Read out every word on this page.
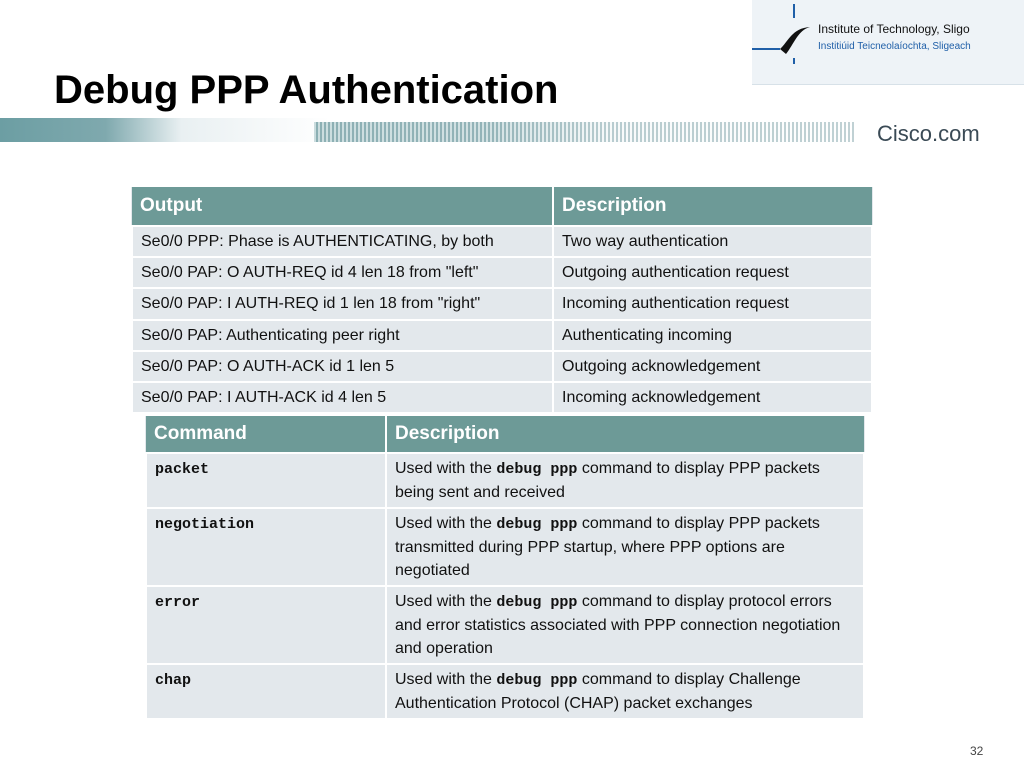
Institute of Technology, Sligo
Institiúid Teicneolaíochta, Sligeach
Debug PPP Authentication
Cisco.com
Output	Description
Se0/0 PPP: Phase is AUTHENTICATING, by both	Two way authentication
Se0/0 PAP: O AUTH-REQ id 4 len 18 from "left"	Outgoing authentication request
Se0/0 PAP: I AUTH-REQ id 1 len 18 from "right"	Incoming authentication request
Se0/0 PAP: Authenticating peer right	Authenticating incoming
Se0/0 PAP: O AUTH-ACK id 1 len 5	Outgoing acknowledgement
Se0/0 PAP: I AUTH-ACK id 4 len 5	Incoming acknowledgement
Command	Description
packet	Used with the debug ppp command to display PPP packets being sent and received
negotiation	Used with the debug ppp command to display PPP packets transmitted during PPP startup, where PPP options are negotiated
error	Used with the debug ppp command to display protocol errors and error statistics associated with PPP connection negotiation and operation
chap	Used with the debug ppp command to display Challenge Authentication Protocol (CHAP) packet exchanges
32
